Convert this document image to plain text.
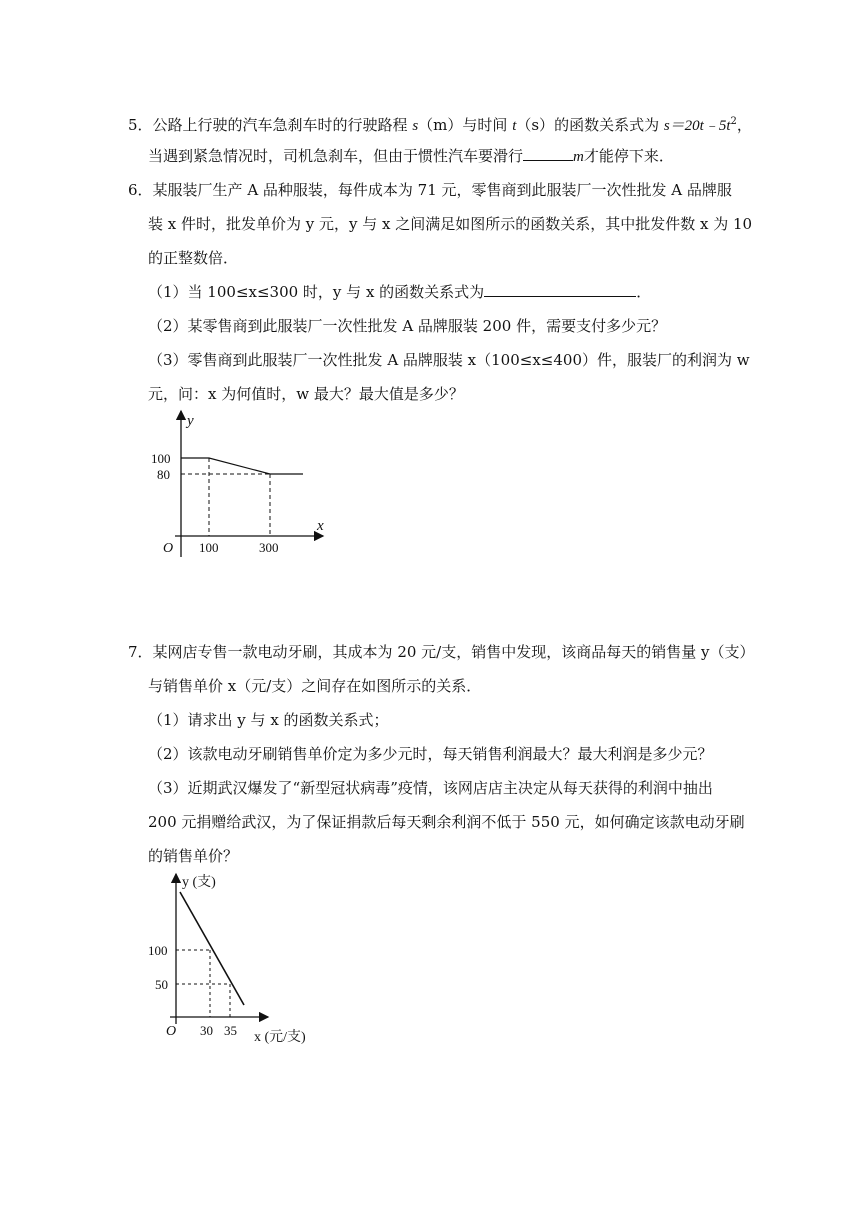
5．公路上行驶的汽车急刹车时的行驶路程 s（m）与时间 t（s）的函数关系式为 $s=20t﹣5t^2$，
当遇到紧急情况时，司机急刹车，但由于惯性汽车要滑行	m才能停下来．
6．某服装厂生产 A 品种服装，每件成本为 71 元，零售商到此服装厂一次性批发 A 品牌服
装 x 件时，批发单价为 y 元，y 与 x 之间满足如图所示的函数关系，其中批发件数 x 为 10
的正整数倍．
（1）当 100≤x≤300 时，y 与 x 的函数关系式为	．
（2）某零售商到此服装厂一次性批发 A 品牌服装 200 件，需要支付多少元？
（3）零售商到此服装厂一次性批发 A 品牌服装 x（100≤x≤400）件，服装厂的利润为 w
元，问：x 为何值时，w 最大？最大值是多少？
y
x
O
100
80
100	300
7．某网店专售一款电动牙刷，其成本为 20 元/支，销售中发现，该商品每天的销售量 y（支）
与销售单价 x（元/支）之间存在如图所示的关系．
（1）请求出 y 与 x 的函数关系式；
（2）该款电动牙刷销售单价定为多少元时，每天销售利润最大？最大利润是多少元？
（3）近期武汉爆发了“新型冠状病毒”疫情，该网店店主决定从每天获得的利润中抽出
200 元捐赠给武汉，为了保证捐款后每天剩余利润不低于 550 元，如何确定该款电动牙刷
的销售单价？
y (支)
x (元/支)
O
100
50
30 35
